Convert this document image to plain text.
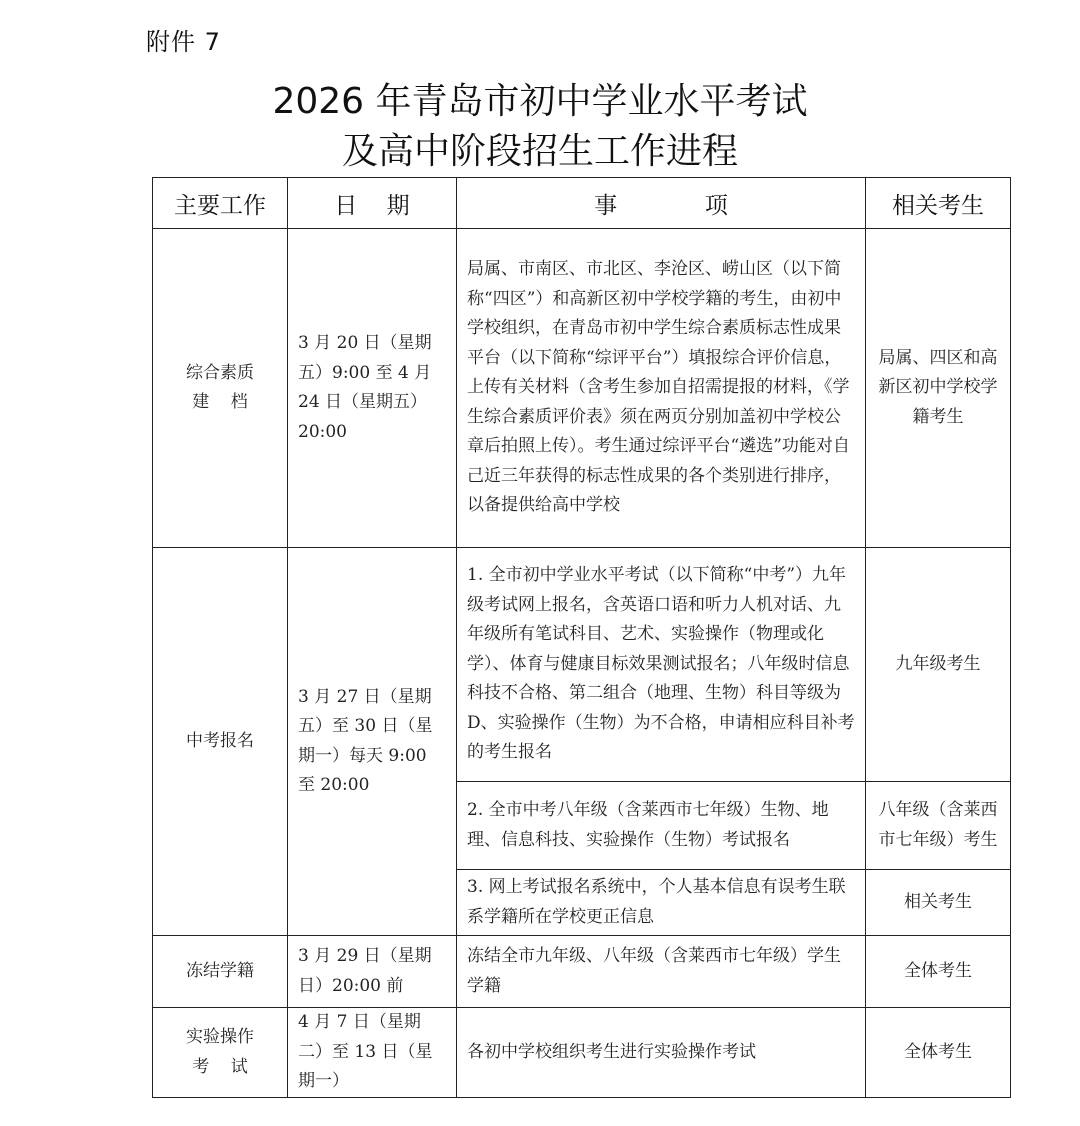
附件 7
2026 年青岛市初中学业水平考试
及高中阶段招生工作进程
主要工作	日    期	事            项	相关考生

综合素质
建    档	3 月 20 日（星期五）9:00 至 4 月 24 日（星期五）20:00	局属、市南区、市北区、李沧区、崂山区（以下简称“四区”）和高新区初中学校学籍的考生，由初中学校组织，在青岛市初中学生综合素质标志性成果平台（以下简称“综评平台”）填报综合评价信息，上传有关材料（含考生参加自招需提报的材料，《学生综合素质评价表》须在两页分别加盖初中学校公章后拍照上传）。考生通过综评平台“遴选”功能对自己近三年获得的标志性成果的各个类别进行排序，以备提供给高中学校	局属、四区和高新区初中学校学籍考生
中考报名	3 月 27 日（星期五）至 30 日（星期一）每天 9:00 至 20:00	1. 全市初中学业水平考试（以下简称“中考”）九年级考试网上报名，含英语口语和听力人机对话、九年级所有笔试科目、艺术、实验操作（物理或化学）、体育与健康目标效果测试报名；八年级时信息科技不合格、第二组合（地理、生物）科目等级为 D、实验操作（生物）为不合格，申请相应科目补考的考生报名	九年级考生
		2. 全市中考八年级（含莱西市七年级）生物、地理、信息科技、实验操作（生物）考试报名	八年级（含莱西市七年级）考生
		3. 网上考试报名系统中，个人基本信息有误考生联系学籍所在学校更正信息	相关考生
冻结学籍	3 月 29 日（星期日）20:00 前	冻结全市九年级、八年级（含莱西市七年级）学生学籍	全体考生

实验操作
考    试	4 月 7 日（星期二）至 13 日（星期一）	各初中学校组织考生进行实验操作考试	全体考生
